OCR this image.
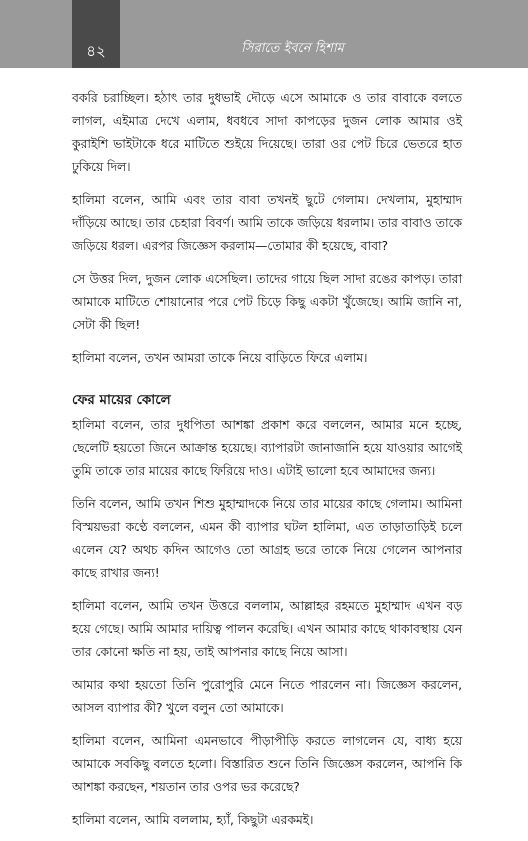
৪২	সিরাতে ইবনে হিশাম

বকরি চরাচ্ছিল। হঠাৎ তার দুধভাই দৌড়ে এসে আমাকে ও তার বাবাকে বলতে লাগল, এইমাত্র দেখে এলাম, ধবধবে সাদা কাপড়ের দুজন লোক আমার ওই কুরাইশি ভাইটাকে ধরে মাটিতে শুইয়ে দিয়েছে। তারা ওর পেট চিরে ভেতরে হাত ঢুকিয়ে দিল।

হালিমা বলেন, আমি এবং তার বাবা তখনই ছুটে গেলাম। দেখলাম, মুহাম্মাদ দাঁড়িয়ে আছে। তার চেহারা বিবর্ণ। আমি তাকে জড়িয়ে ধরলাম। তার বাবাও তাকে জড়িয়ে ধরল। এরপর জিজ্ঞেস করলাম—তোমার কী হয়েছে, বাবা?

সে উত্তর দিল, দুজন লোক এসেছিল। তাদের গায়ে ছিল সাদা রঙের কাপড়। তারা আমাকে মাটিতে শোয়ানোর পরে পেট চিড়ে কিছু একটা খুঁজেছে। আমি জানি না, সেটা কী ছিল!

হালিমা বলেন, তখন আমরা তাকে নিয়ে বাড়িতে ফিরে এলাম।

ফের মায়ের কোলে

হালিমা বলেন, তার দুধপিতা আশঙ্কা প্রকাশ করে বললেন, আমার মনে হচ্ছে, ছেলেটি হয়তো জিনে আক্রান্ত হয়েছে। ব্যাপারটা জানাজানি হয়ে যাওয়ার আগেই তুমি তাকে তার মায়ের কাছে ফিরিয়ে দাও। এটাই ভালো হবে আমাদের জন্য।

তিনি বলেন, আমি তখন শিশু মুহাম্মাদকে নিয়ে তার মায়ের কাছে গেলাম। আমিনা বিস্ময়ভরা কণ্ঠে বললেন, এমন কী ব্যাপার ঘটল হালিমা, এত তাড়াতাড়িই চলে এলেন যে? অথচ কদিন আগেও তো আগ্রহ ভরে তাকে নিয়ে গেলেন আপনার কাছে রাখার জন্য!

হালিমা বলেন, আমি তখন উত্তরে বললাম, আল্লাহর রহমতে মুহাম্মাদ এখন বড় হয়ে গেছে। আমি আমার দায়িত্ব পালন করেছি। এখন আমার কাছে থাকাবস্থায় যেন তার কোনো ক্ষতি না হয়, তাই আপনার কাছে নিয়ে আসা।

আমার কথা হয়তো তিনি পুরোপুরি মেনে নিতে পারলেন না। জিজ্ঞেস করলেন, আসল ব্যাপার কী? খুলে বলুন তো আমাকে।

হালিমা বলেন, আমিনা এমনভাবে পীড়াপীড়ি করতে লাগলেন যে, বাধ্য হয়ে আমাকে সবকিছু বলতে হলো। বিস্তারিত শুনে তিনি জিজ্ঞেস করলেন, আপনি কি আশঙ্কা করছেন, শয়তান তার ওপর ভর করেছে?

হালিমা বলেন, আমি বললাম, হ্যাঁ, কিছুটা এরকমই।
